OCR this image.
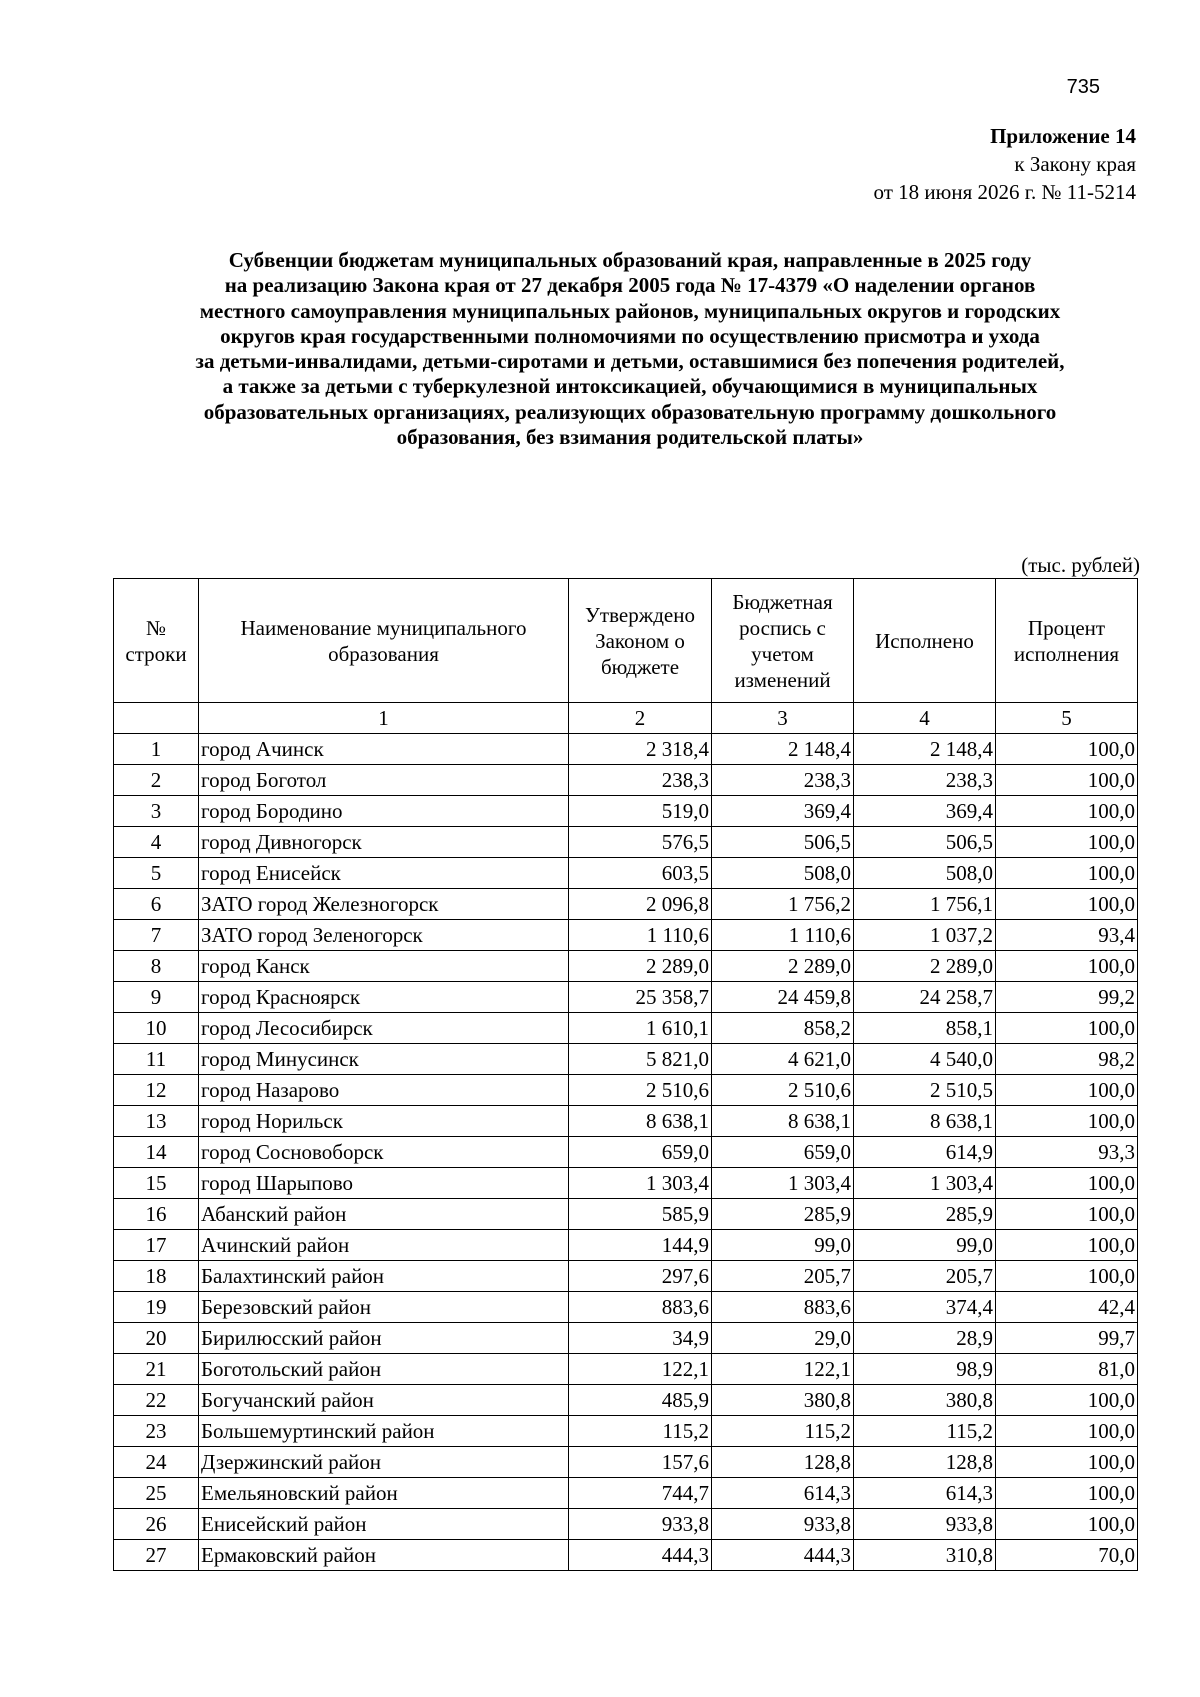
735
Приложение 14
к Закону края
от 18 июня 2026 г. № 11-5214
Субвенции бюджетам муниципальных образований края, направленные в 2025 году
на реализацию Закона края от 27 декабря 2005 года № 17-4379 «О наделении органов
местного самоуправления муниципальных районов, муниципальных округов и городских
округов края государственными полномочиями по осуществлению присмотра и ухода
за детьми-инвалидами, детьми-сиротами и детьми, оставшимися без попечения родителей,
а также за детьми с туберкулезной интоксикацией, обучающимися в муниципальных
образовательных организациях, реализующих образовательную программу дошкольного
образования, без взимания родительской платы»
(тыс. рублей)
№ строки	Наименование муниципального образования	Утверждено Законом о бюджете	Бюджетная роспись с учетом изменений	Исполнено	Процент исполнения
	1	2	3	4	5
1	город Ачинск	2 318,4	2 148,4	2 148,4	100,0
2	город Боготол	238,3	238,3	238,3	100,0
3	город Бородино	519,0	369,4	369,4	100,0
4	город Дивногорск	576,5	506,5	506,5	100,0
5	город Енисейск	603,5	508,0	508,0	100,0
6	ЗАТО город Железногорск	2 096,8	1 756,2	1 756,1	100,0
7	ЗАТО город Зеленогорск	1 110,6	1 110,6	1 037,2	93,4
8	город Канск	2 289,0	2 289,0	2 289,0	100,0
9	город Красноярск	25 358,7	24 459,8	24 258,7	99,2
10	город Лесосибирск	1 610,1	858,2	858,1	100,0
11	город Минусинск	5 821,0	4 621,0	4 540,0	98,2
12	город Назарово	2 510,6	2 510,6	2 510,5	100,0
13	город Норильск	8 638,1	8 638,1	8 638,1	100,0
14	город Сосновоборск	659,0	659,0	614,9	93,3
15	город Шарыпово	1 303,4	1 303,4	1 303,4	100,0
16	Абанский район	585,9	285,9	285,9	100,0
17	Ачинский район	144,9	99,0	99,0	100,0
18	Балахтинский район	297,6	205,7	205,7	100,0
19	Березовский район	883,6	883,6	374,4	42,4
20	Бирилюсский район	34,9	29,0	28,9	99,7
21	Боготольский район	122,1	122,1	98,9	81,0
22	Богучанский район	485,9	380,8	380,8	100,0
23	Большемуртинский район	115,2	115,2	115,2	100,0
24	Дзержинский район	157,6	128,8	128,8	100,0
25	Емельяновский район	744,7	614,3	614,3	100,0
26	Енисейский район	933,8	933,8	933,8	100,0
27	Ермаковский район	444,3	444,3	310,8	70,0
